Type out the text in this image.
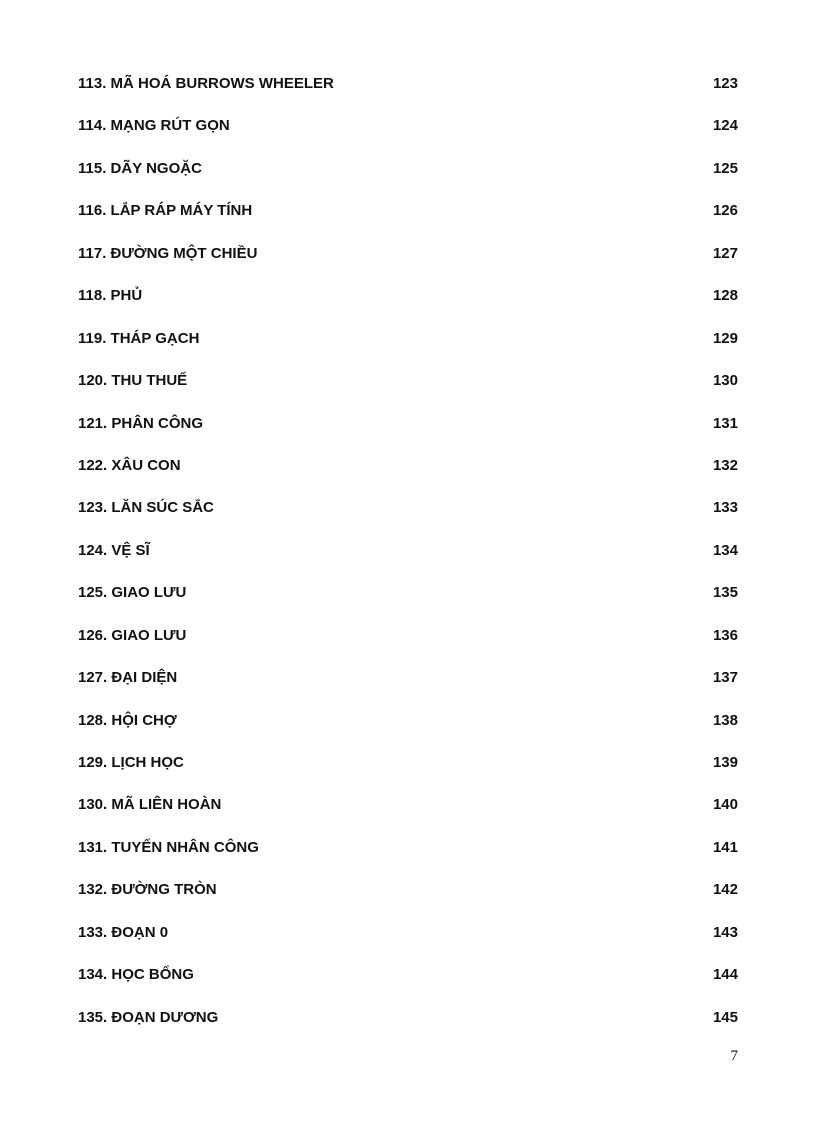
113. MÃ HOÁ BURROWS WHEELER	123
114. MẠNG RÚT GỌN	124
115. DÃY NGOẶC	125
116. LẮP RÁP MÁY TÍNH	126
117. ĐƯỜNG MỘT CHIỀU	127
118. PHỦ	128
119. THÁP GẠCH	129
120. THU THUẾ	130
121. PHÂN CÔNG	131
122. XÂU CON	132
123. LĂN SÚC SẮC	133
124. VỆ SĨ	134
125. GIAO LƯU	135
126. GIAO LƯU	136
127. ĐẠI DIỆN	137
128. HỘI CHỢ	138
129. LỊCH HỌC	139
130. MÃ LIÊN HOÀN	140
131. TUYỂN NHÂN CÔNG	141
132. ĐƯỜNG TRÒN	142
133. ĐOẠN 0	143
134. HỌC BỔNG	144
135. ĐOẠN DƯƠNG	145
7
